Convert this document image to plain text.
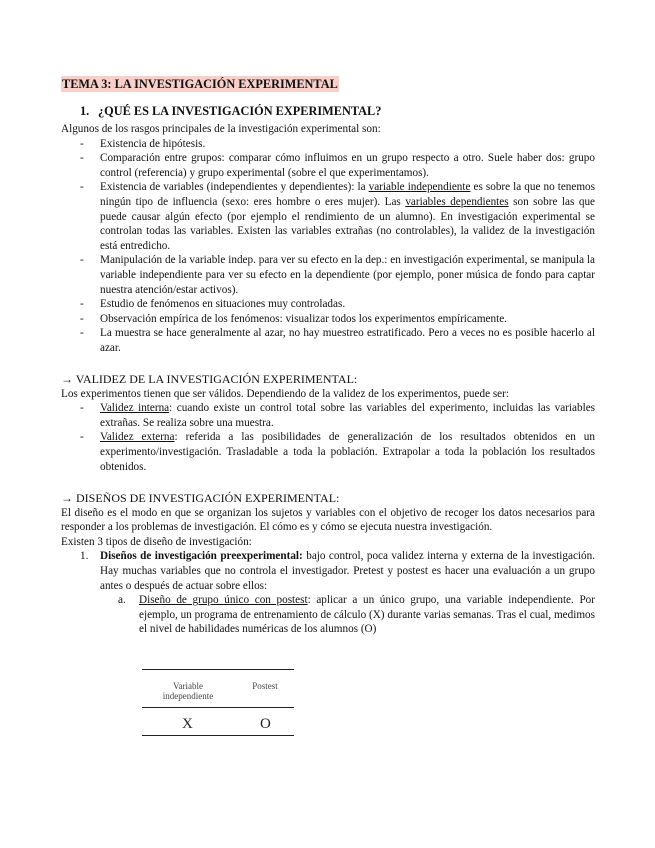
TEMA 3: LA INVESTIGACIÓN EXPERIMENTAL
1. ¿QUÉ ES LA INVESTIGACIÓN EXPERIMENTAL?

Algunos de los rasgos principales de la investigación experimental son:

- Existencia de hipótesis.
- Comparación entre grupos: comparar cómo influimos en un grupo respecto a otro. Suele haber dos: grupo control (referencia) y grupo experimental (sobre el que experimentamos).
- Existencia de variables (independientes y dependientes): la variable independiente es sobre la que no tenemos ningún tipo de influencia (sexo: eres hombre o eres mujer). Las variables dependientes son sobre las que puede causar algún efecto (por ejemplo el rendimiento de un alumno). En investigación experimental se controlan todas las variables. Existen las variables extrañas (no controlables), la validez de la investigación está entredicho.
- Manipulación de la variable indep. para ver su efecto en la dep.: en investigación experimental, se manipula la variable independiente para ver su efecto en la dependiente (por ejemplo, poner música de fondo para captar nuestra atención/estar activos).
- Estudio de fenómenos en situaciones muy controladas.
- Observación empírica de los fenómenos: visualizar todos los experimentos empíricamente.
- La muestra se hace generalmente al azar, no hay muestreo estratificado. Pero a veces no es posible hacerlo al azar.

→ VALIDEZ DE LA INVESTIGACIÓN EXPERIMENTAL:

Los experimentos tienen que ser válidos. Dependiendo de la validez de los experimentos, puede ser:

- Validez interna: cuando existe un control total sobre las variables del experimento, incluidas las variables extrañas. Se realiza sobre una muestra.
- Validez externa: referida a las posibilidades de generalización de los resultados obtenidos en un experimento/investigación. Trasladable a toda la población. Extrapolar a toda la población los resultados obtenidos.

→ DISEÑOS DE INVESTIGACIÓN EXPERIMENTAL:

El diseño es el modo en que se organizan los sujetos y variables con el objetivo de recoger los datos necesarios para responder a los problemas de investigación. El cómo es y cómo se ejecuta nuestra investigación.

Existen 3 tipos de diseño de investigación:

1. Diseños de investigación preexperimental: bajo control, poca validez interna y externa de la investigación. Hay muchas variables que no controla el investigador. Pretest y postest es hacer una evaluación a un grupo antes o después de actuar sobre ellos:
a. Diseño de grupo único con postest: aplicar a un único grupo, una variable independiente. Por ejemplo, un programa de entrenamiento de cálculo (X) durante varias semanas. Tras el cual, medimos el nivel de habilidades numéricas de los alumnos (O)
Variable
independiente
Postest
X	O
